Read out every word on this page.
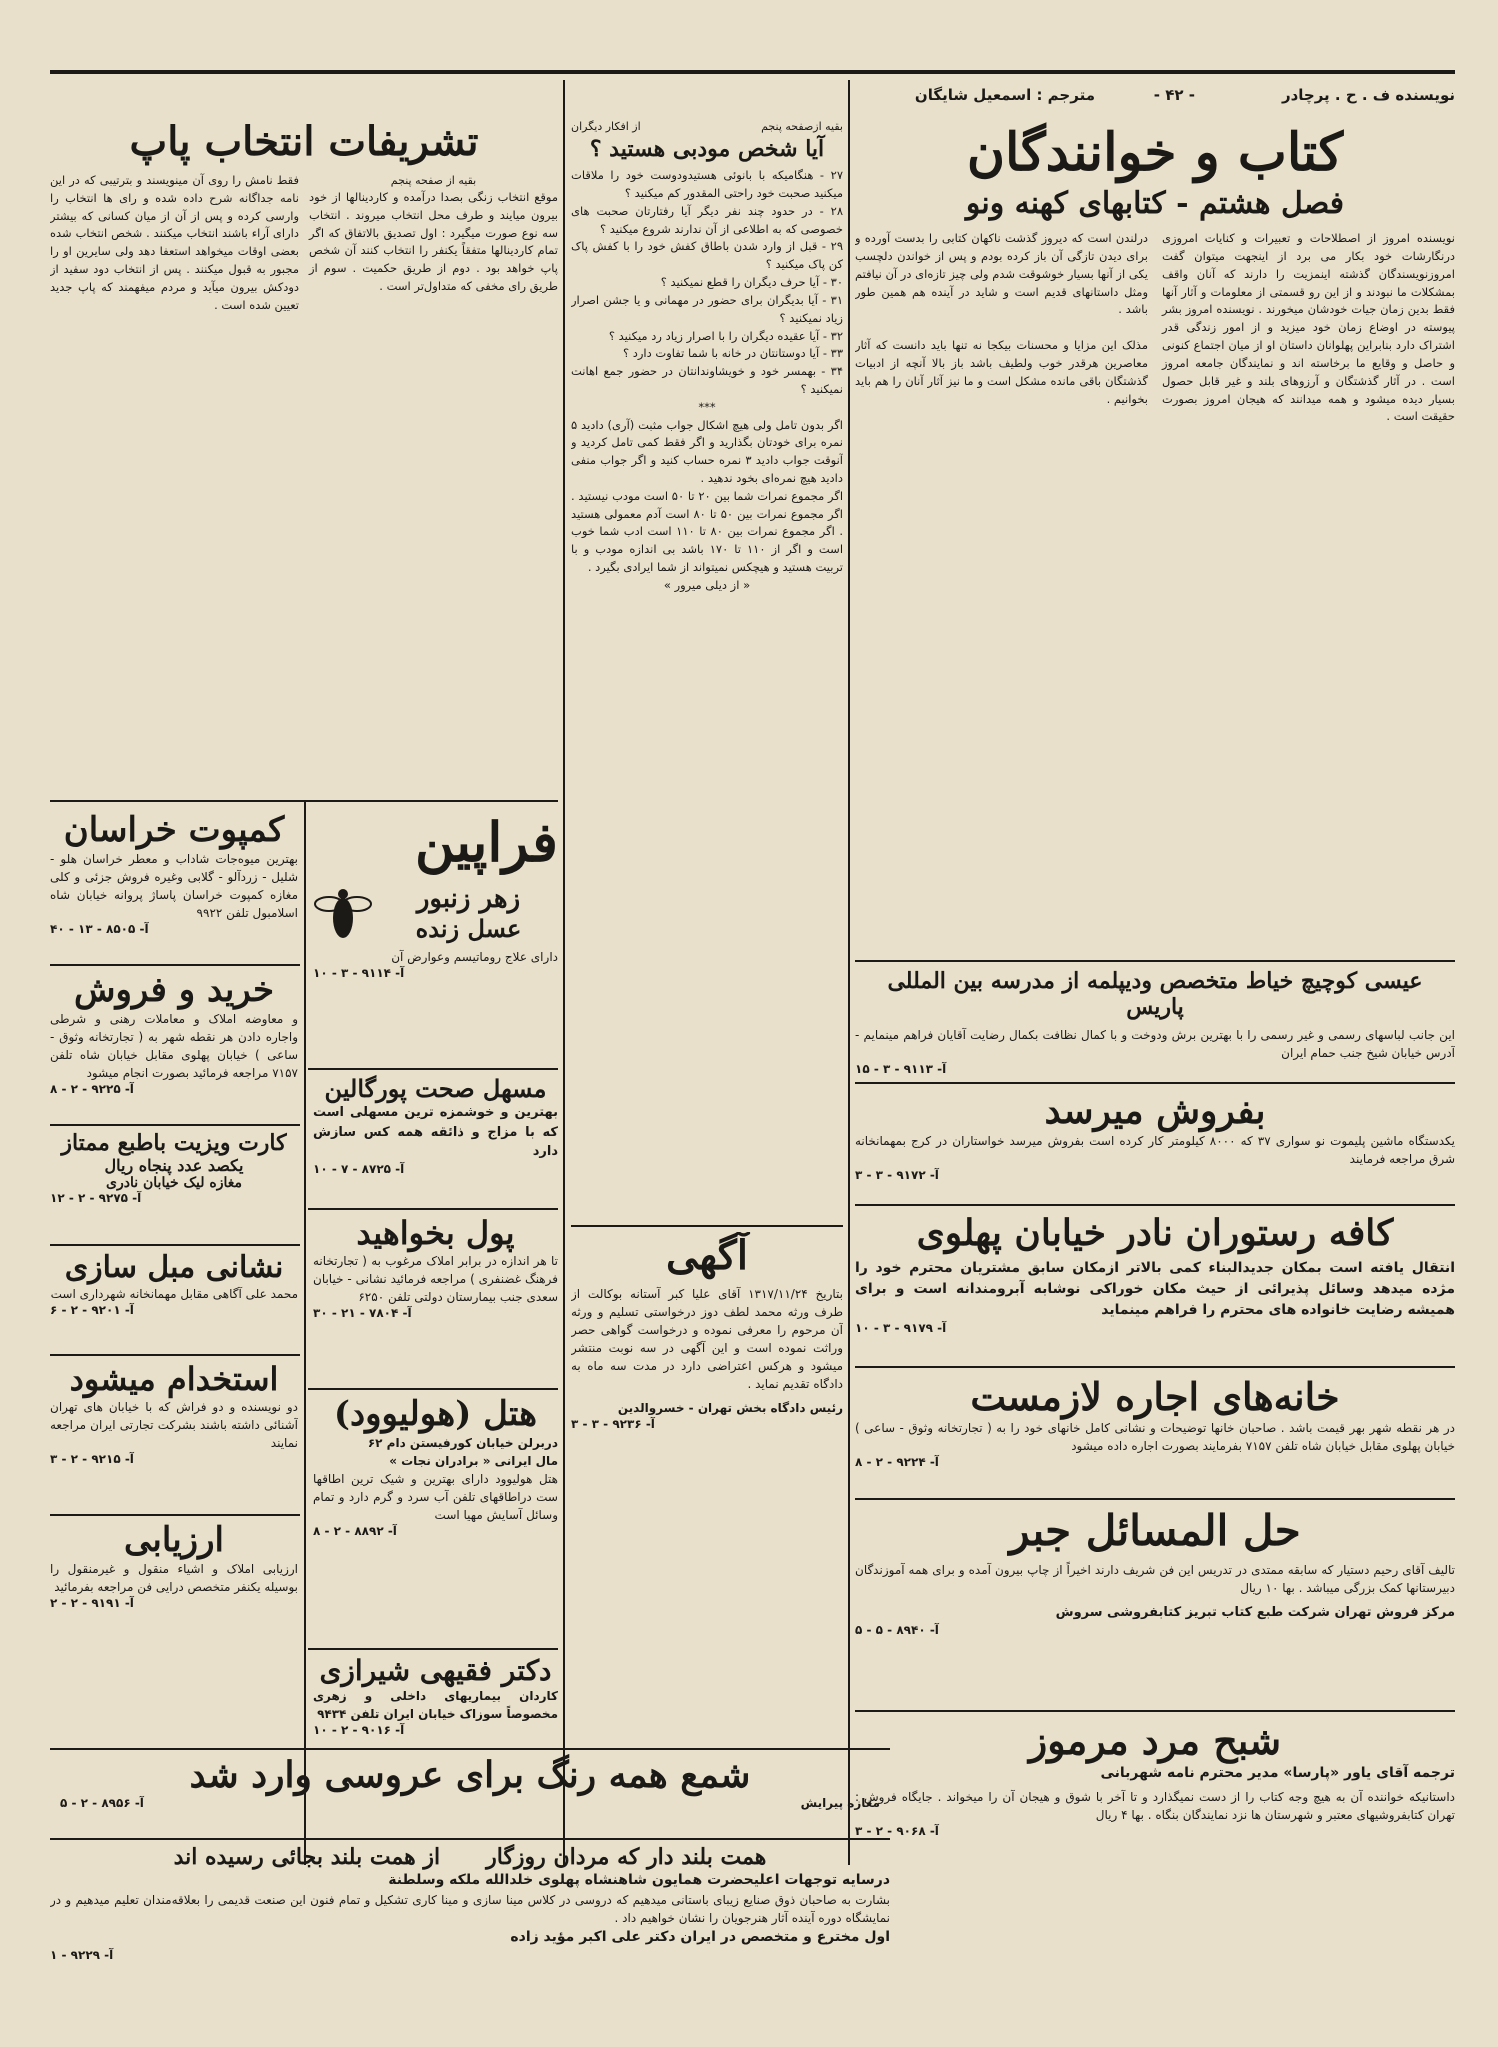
نویسنده ف . ح . پرچادر
- ۴۲ -
مترجم : اسمعیل شایگان
کتاب و خوانندگان
فصل هشتم - کتابهای کهنه ونو
نویسنده امروز از اصطلاحات و تعبیرات و کنایات امروزی درنگارشات خود بکار می برد از اینجهت میتوان گفت امروزنویسندگان گذشته اینمزیت را دارند که آنان واقف بمشکلات ما نبودند و از این رو قسمتی از معلومات و آثار آنها فقط بدین زمان جیات خودشان میخورند . نویسنده امروز بشر پیوسته در اوضاع زمان خود میزید و از امور زندگی قدر اشتراک دارد بنابراین پهلوانان داستان او از میان اجتماع کنونی و حاصل و وقایع ما برخاسته اند و نمایندگان جامعه امروز است . در آثار گذشتگان و آرزوهای بلند و غیر قابل حصول بسیار دیده میشود و همه میدانند که هیجان امروز بصورت حقیقت است .
درلندن است که دیروز گذشت ناکهان کتابی را بدست آورده و برای دیدن تازگی آن باز کرده بودم و پس از خواندن دلچسب یکی از آنها بسیار خوشوقت شدم ولی چیز تازه‌ای در آن نیافتم ومثل داستانهای قدیم است و شاید در آینده هم همین طور باشد .

مذلک این مزایا و محسنات بیکجا نه تنها باید دانست که آثار معاصرین هرقدر خوب ولطیف باشد باز بالا آنچه از ادبیات گذشتگان باقی مانده مشکل است و ما نیز آثار آنان را هم باید بخوانیم .
عیسی کوچیچ خیاط متخصص ودیپلمه از مدرسه بین المللی پاریس
این جانب لباسهای رسمی و غیر رسمی را با بهترین برش ودوخت و با کمال نظافت بکمال رضایت آقایان فراهم مینمایم - آدرس خیابان شیخ جنب حمام ایران
آ- ۹۱۱۳ - ۳ - ۱۵
بفروش میرسد
یکدستگاه ماشین پلیموت نو سواری ۳۷ که ۸۰۰۰ کیلومتر کار کرده است بفروش میرسد خواستاران در کرج بمهمانخانه شرق مراجعه فرمایند
آ- ۹۱۷۲ - ۳ - ۳
کافه رستوران نادر خیابان پهلوی
انتقال یافته است بمکان جدیدالبناء کمی بالاتر ازمکان سابق مشتریان محترم خود را مژده میدهد وسائل پذیرائی از حیث مکان خوراکی نوشابه آبرومندانه است و برای همیشه رضایت خانواده های محترم را فراهم مینماید
آ- ۹۱۷۹ - ۳ - ۱۰
خانه‌های اجاره لازمست
در هر نقطه شهر بهر قیمت باشد . صاحبان خانها توضیحات و نشانی کامل خانهای خود را به ( تجارتخانه وثوق - ساعی ) خیابان پهلوی مقابل خیابان شاه تلفن ۷۱۵۷ بفرمایند بصورت اجاره داده میشود
آ- ۹۲۲۴ - ۲ - ۸
حل المسائل جبر
تالیف آقای رحیم دستیار که سابقه ممتدی در تدریس این فن شریف دارند اخیراً از چاپ بیرون آمده و برای همه آموزندگان دبیرستانها کمک بزرگی میباشد . بها ۱۰ ریال
مرکز فروش تهران شرکت طبع کتاب تبریز کتابفروشی سروش
آ- ۸۹۴۰ - ۵ - ۵
شبح مرد مرموز
ترجمه آقای یاور «پارسا» مدیر محترم نامه شهربانی
داستانیکه خواننده آن به هیچ وجه کتاب را از دست نمیگذارد و تا آخر با شوق و هیجان آن را میخواند . جایگاه فروش : تهران کتابفروشیهای معتبر و شهرستان ها نزد نمایندگان بنگاه . بها ۴ ریال
آ- ۹۰۶۸ - ۲ - ۳
بقیه ازصفحه پنجم
از افکار دیگران
آیا شخص مودبی هستید ؟

۲۷ - هنگامیکه با بانوئی هستیدودوست خود را ملاقات میکنید صحبت خود راحتی المقدور کم میکنید ؟

۲۸ - در حدود چند نفر دیگر آیا رفتارتان صحبت های خصوصی که به اطلاعی از آن ندارند شروع میکنید ؟

۲۹ - قبل از وارد شدن باطاق کفش خود را با کفش پاک کن پاک میکنید ؟

۳۰ - آیا حرف دیگران را قطع نمیکنید ؟

۳۱ - آیا بدیگران برای حضور در مهمانی و یا جشن اصرار زیاد نمیکنید ؟

۳۲ - آیا عقیده دیگران را با اصرار زیاد رد میکنید ؟

۳۳ - آیا دوستانتان در خانه با شما تفاوت دارد ؟

۳۴ - بهمسر خود و خویشاوندانتان در حضور جمع اهانت نمیکنید ؟

***

اگر بدون تامل ولی هیچ اشکال جواب مثبت (آری) دادید ۵ نمره برای خودتان بگذارید و اگر فقط کمی تامل کردید و آنوقت جواب دادید ۳ نمره حساب کنید و اگر جواب منفی دادید هیچ نمره‌ای بخود ندهید .

اگر مجموع نمرات شما بین ۲۰ تا ۵۰ است مودب نیستید . اگر مجموع نمرات بین ۵۰ تا ۸۰ است آدم معمولی هستید . اگر مجموع نمرات بین ۸۰ تا ۱۱۰ است ادب شما خوب است و اگر از ۱۱۰ تا ۱۷۰ باشد بی اندازه مودب و با تربیت هستید و هیچکس نمیتواند از شما ایرادی بگیرد .

« از دیلی میرور »

آگهی
بتاریخ ۱۳۱۷/۱۱/۲۴ آقای علیا کبر آستانه بوکالت از طرف ورثه محمد لطف دوز درخواستی تسلیم و ورثه آن مرحوم را معرفی نموده و درخواست گواهی حصر وراثت نموده است و این آگهی در سه نوبت منتشر میشود و هرکس اعتراضی دارد در مدت سه ماه به دادگاه تقدیم نماید .
رئیس دادگاه بخش تهران - خسروالدین
آ- ۹۲۳۶ - ۳ - ۳
تشریفات انتخاب پاپ
بقیه از صفحه پنجم
موقع انتخاب زنگی بصدا درآمده و کاردینالها از خود بیرون میایند و طرف محل انتخاب میروند . انتخاب سه نوع صورت میگیرد : اول تصدیق بالاتفاق که اگر تمام کاردینالها متفقاً یکنفر را انتخاب کنند آن شخص پاپ خواهد بود . دوم از طریق حکمیت . سوم از طریق رای مخفی که متداول‌تر است .
فقط نامش را روی آن مینویسند و بترتیبی که در این نامه جداگانه شرح داده شده و رای ها انتخاب را وارسی کرده و پس از آن از میان کسانی که بیشتر دارای آراء باشند انتخاب میکنند . شخص انتخاب شده بعضی اوقات میخواهد استعفا دهد ولی سایرین او را مجبور به قبول میکنند . پس از انتخاب دود سفید از دودکش بیرون میآید و مردم میفهمند که پاپ جدید تعیین شده است .
فراپین
زهر زنبور
عسل زنده
دارای علاج روماتیسم وعوارض آن
آ- ۹۱۱۴ - ۳ - ۱۰
مسهل صحت پورگالین
بهترین و خوشمزه ترین مسهلی است که با مزاج و ذائقه همه کس سازش دارد
آ- ۸۷۲۵ - ۷ - ۱۰
پول بخواهید
تا هر اندازه در برابر املاک مرغوب به ( تجارتخانه فرهنگ غضنفری ) مراجعه فرمائید نشانی - خیابان سعدی جنب بیمارستان دولتی تلفن ۶۲۵۰
آ- ۷۸۰۴ - ۲۱ - ۳۰
هتل (هولیوود)
دربرلن خیابان کورفیستن دام ۶۲
مال ایرانی « برادران نجات »
هتل هولیوود دارای بهترین و شیک ترین اطاقها ست دراطاقهای تلفن آب سرد و گرم دارد و تمام وسائل آسایش مهیا است
آ- ۸۸۹۲ - ۲ - ۸
دکتر فقیهی شیرازی
کاردان بیماریهای داخلی و زهری مخصوصاً سوزاک خیابان ایران تلفن ۹۴۳۴
آ- ۹۰۱۶ - ۲ - ۱۰
کمپوت خراسان
بهترین میوه‌جات شاداب و معطر خراسان هلو - شلیل - زردآلو - گلابی وغیره فروش جزئی و کلی مغازه کمپوت خراسان پاساژ پروانه خیابان شاه اسلامبول تلفن ۹۹۲۲
آ- ۸۵۰۵ - ۱۳ - ۴۰
خرید و فروش
و معاوضه املاک و معاملات رهنی و شرطی واجاره دادن هر نقطه شهر به ( تجارتخانه وثوق - ساعی ) خیابان پهلوی مقابل خیابان شاه تلفن ۷۱۵۷ مراجعه فرمائید بصورت انجام میشود
آ- ۹۲۲۵ - ۲ - ۸
کارت ویزیت باطبع ممتاز
یکصد عدد پنجاه ریال
مغازه لیک خیابان نادری
آ- ۹۲۷۵ - ۲ - ۱۲
نشانی مبل سازی
محمد علی آگاهی مقابل مهمانخانه شهرداری است
آ- ۹۲۰۱ - ۲ - ۶
استخدام میشود
دو نویسنده و دو فراش که با خیابان های تهران آشنائی داشته باشند بشرکت تجارتی ایران مراجعه نمایند
آ- ۹۲۱۵ - ۲ - ۳
ارزیابی
ارزیابی املاک و اشیاء منقول و غیرمنقول را بوسیله یکنفر متخصص درایی فن مراجعه بفرمائید
آ- ۹۱۹۱ - ۲ - ۲
شمع همه رنگ برای عروسی وارد شد
مغازه پیرایش
آ- ۸۹۵۶ - ۲ - ۵
همت بلند دار که مردان روزگار      از همت بلند بجائی رسیده اند
درسایه توجهات اعلیحضرت همایون شاهنشاه پهلوی خلدالله ملکه وسلطنة
بشارت به صاحبان ذوق صنایع زیبای باستانی میدهیم که دروسی در کلاس مینا سازی و مینا کاری تشکیل و تمام فنون این صنعت قدیمی را بعلاقه‌مندان تعلیم میدهیم و در نمایشگاه دوره آینده آثار هنرجویان را نشان خواهیم داد .
اول مخترع و متخصص در ایران دکتر علی اکبر مؤید زاده
آ- ۹۲۲۹ - ۱
